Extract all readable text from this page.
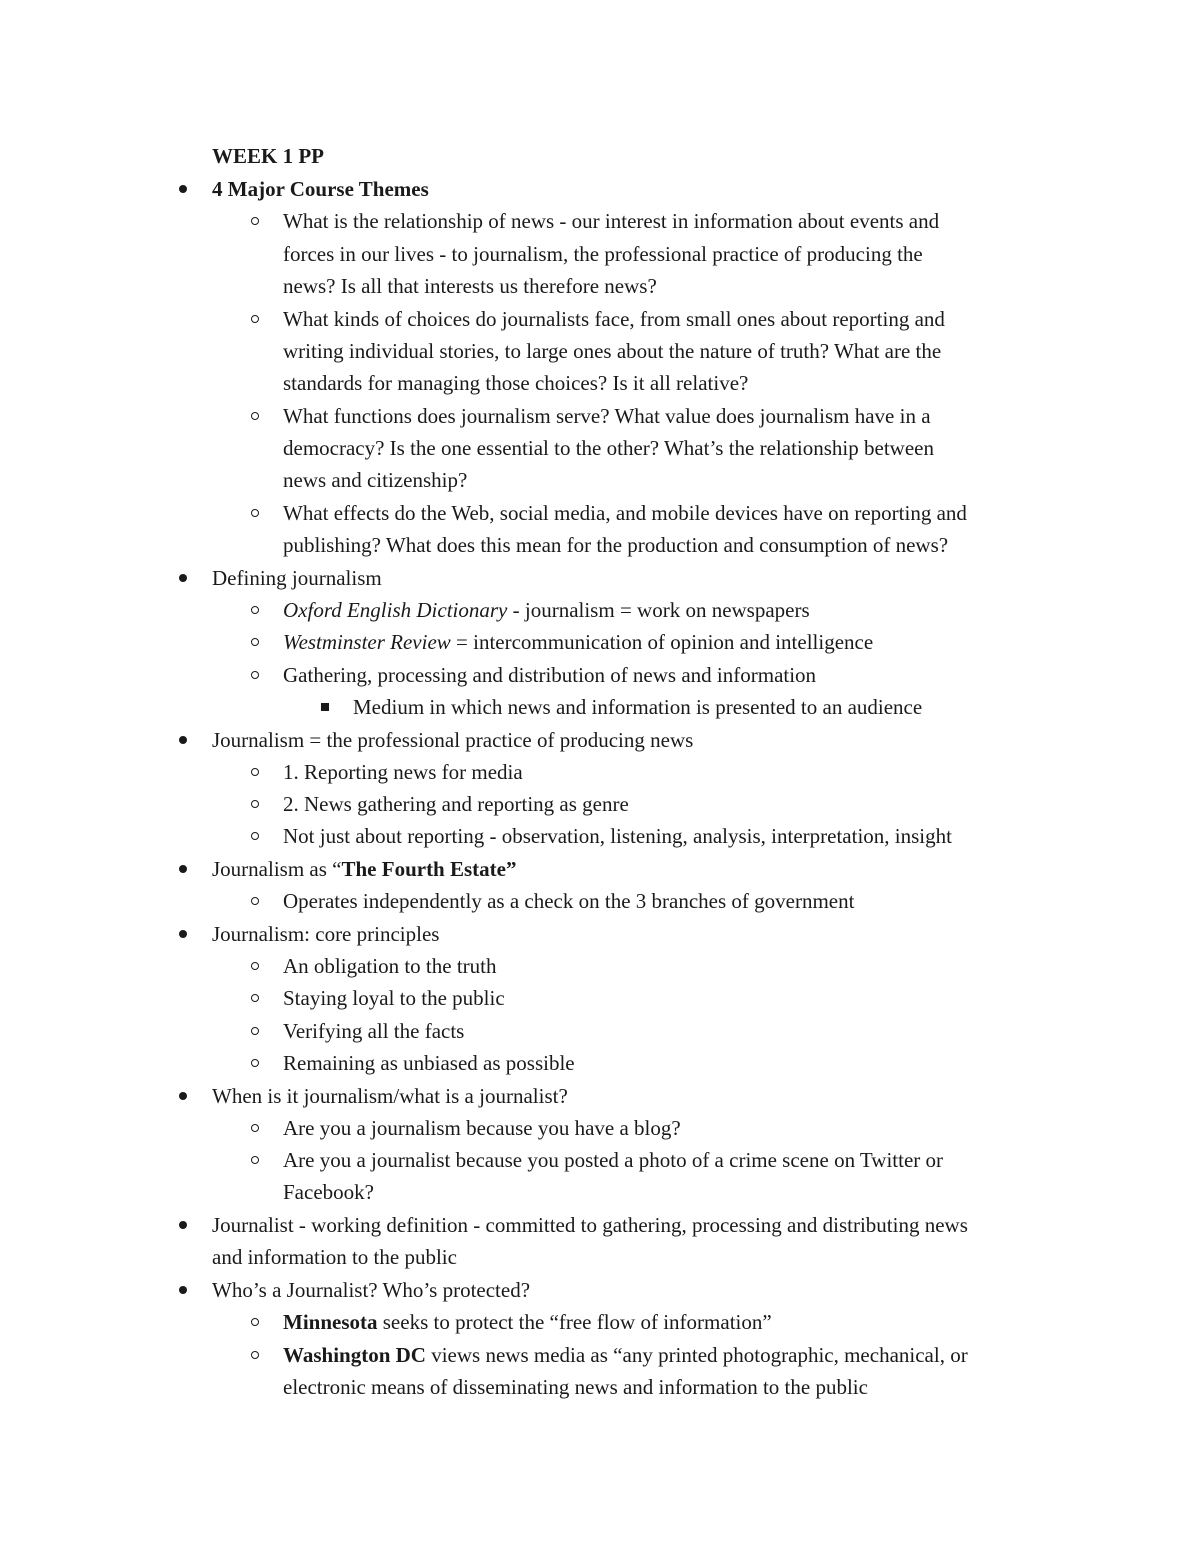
WEEK 1 PP
4 Major Course Themes
What is the relationship of news - our interest in information about events and
forces in our lives - to journalism, the professional practice of producing the
news? Is all that interests us therefore news?
What kinds of choices do journalists face, from small ones about reporting and
writing individual stories, to large ones about the nature of truth? What are the
standards for managing those choices? Is it all relative?
What functions does journalism serve? What value does journalism have in a
democracy? Is the one essential to the other? What’s the relationship between
news and citizenship?
What effects do the Web, social media, and mobile devices have on reporting and
publishing? What does this mean for the production and consumption of news?
Defining journalism
Oxford English Dictionary - journalism = work on newspapers
Westminster Review = intercommunication of opinion and intelligence
Gathering, processing and distribution of news and information
Medium in which news and information is presented to an audience
Journalism = the professional practice of producing news
1. Reporting news for media
2. News gathering and reporting as genre
Not just about reporting - observation, listening, analysis, interpretation, insight
Journalism as “The Fourth Estate”
Operates independently as a check on the 3 branches of government
Journalism: core principles
An obligation to the truth
Staying loyal to the public
Verifying all the facts
Remaining as unbiased as possible
When is it journalism/what is a journalist?
Are you a journalism because you have a blog?
Are you a journalist because you posted a photo of a crime scene on Twitter or
Facebook?
Journalist - working definition - committed to gathering, processing and distributing news
and information to the public
Who’s a Journalist? Who’s protected?
Minnesota seeks to protect the “free flow of information”
Washington DC views news media as “any printed photographic, mechanical, or
electronic means of disseminating news and information to the public
